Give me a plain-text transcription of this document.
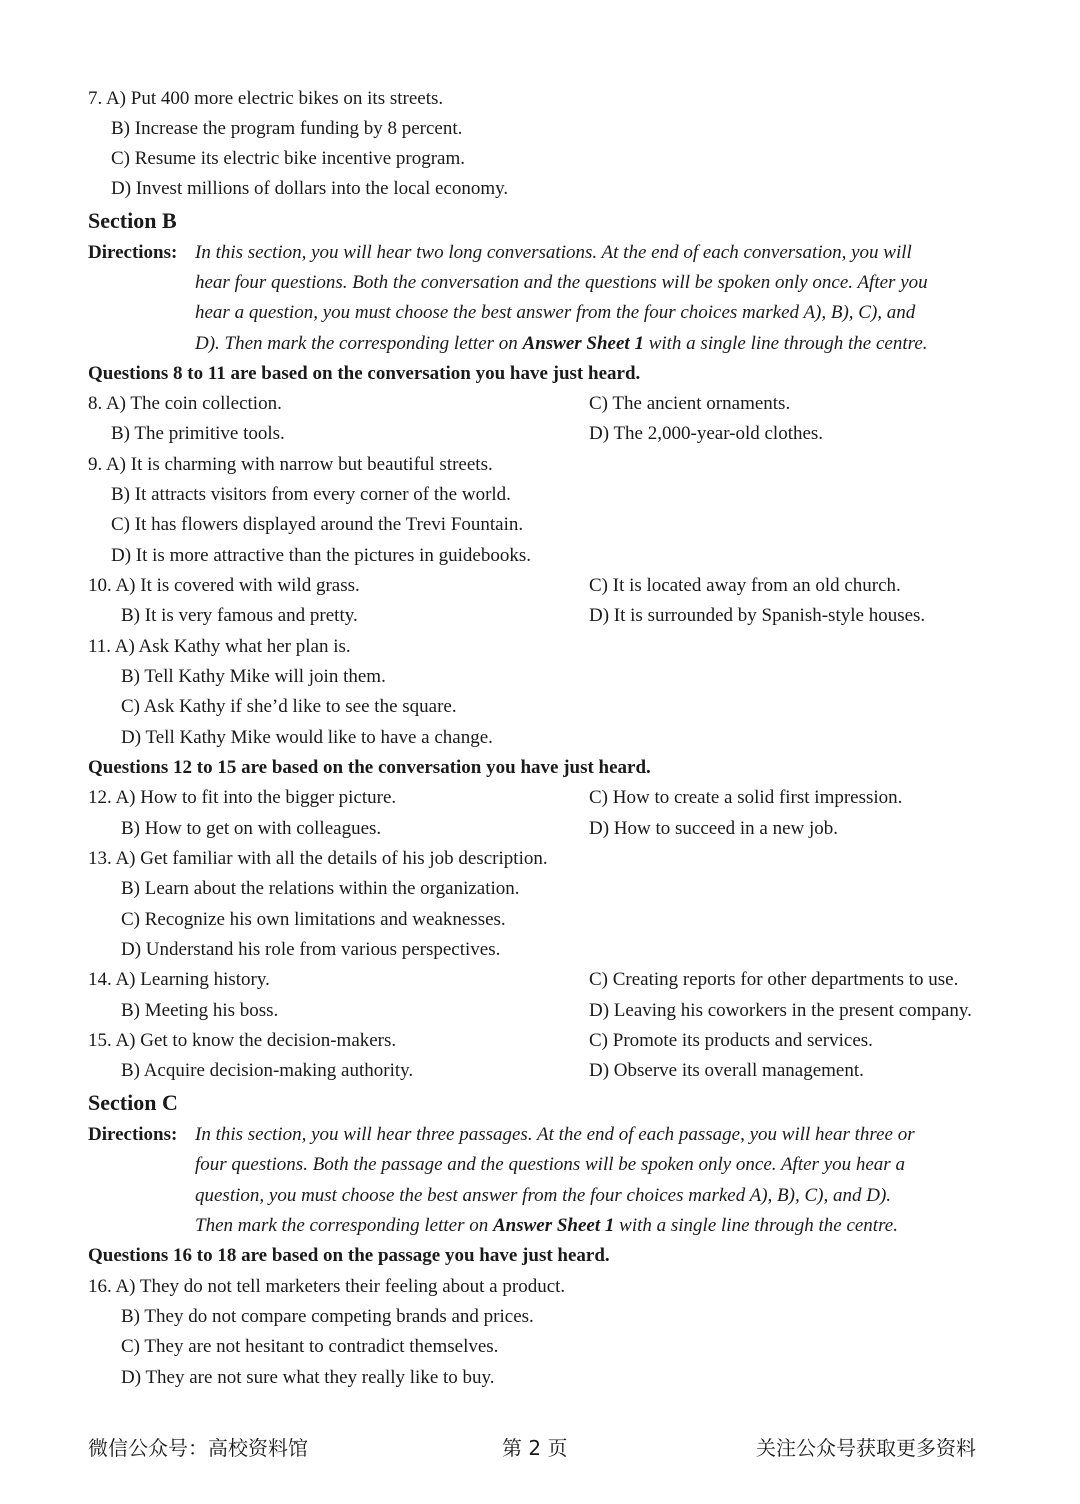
7. A) Put 400 more electric bikes on its streets.
B) Increase the program funding by 8 percent.
C) Resume its electric bike incentive program.
D) Invest millions of dollars into the local economy.
Section B
Directions: In this section, you will hear two long conversations. At the end of each conversation, you will
hear four questions. Both the conversation and the questions will be spoken only once. After you
hear a question, you must choose the best answer from the four choices marked A), B), C), and
D). Then mark the corresponding letter on Answer Sheet 1 with a single line through the centre.
Questions 8 to 11 are based on the conversation you have just heard.
8. A) The coin collection.	C) The ancient ornaments.
B) The primitive tools.	D) The 2,000-year-old clothes.
9. A) It is charming with narrow but beautiful streets.
B) It attracts visitors from every corner of the world.
C) It has flowers displayed around the Trevi Fountain.
D) It is more attractive than the pictures in guidebooks.
10. A) It is covered with wild grass.	C) It is located away from an old church.
B) It is very famous and pretty.	D) It is surrounded by Spanish-style houses.
11. A) Ask Kathy what her plan is.
B) Tell Kathy Mike will join them.
C) Ask Kathy if she’d like to see the square.
D) Tell Kathy Mike would like to have a change.
Questions 12 to 15 are based on the conversation you have just heard.
12. A) How to fit into the bigger picture.	C) How to create a solid first impression.
B) How to get on with colleagues.	D) How to succeed in a new job.
13. A) Get familiar with all the details of his job description.
B) Learn about the relations within the organization.
C) Recognize his own limitations and weaknesses.
D) Understand his role from various perspectives.
14. A) Learning history.	C) Creating reports for other departments to use.
B) Meeting his boss.	D) Leaving his coworkers in the present company.
15. A) Get to know the decision-makers.	C) Promote its products and services.
B) Acquire decision-making authority.	D) Observe its overall management.
Section C
Directions: In this section, you will hear three passages. At the end of each passage, you will hear three or
four questions. Both the passage and the questions will be spoken only once. After you hear a
question, you must choose the best answer from the four choices marked A), B), C), and D).
Then mark the corresponding letter on Answer Sheet 1 with a single line through the centre.
Questions 16 to 18 are based on the passage you have just heard.
16. A) They do not tell marketers their feeling about a product.
B) They do not compare competing brands and prices.
C) They are not hesitant to contradict themselves.
D) They are not sure what they really like to buy.
微信公众号：高校资料馆	第 2 页	关注公众号获取更多资料
